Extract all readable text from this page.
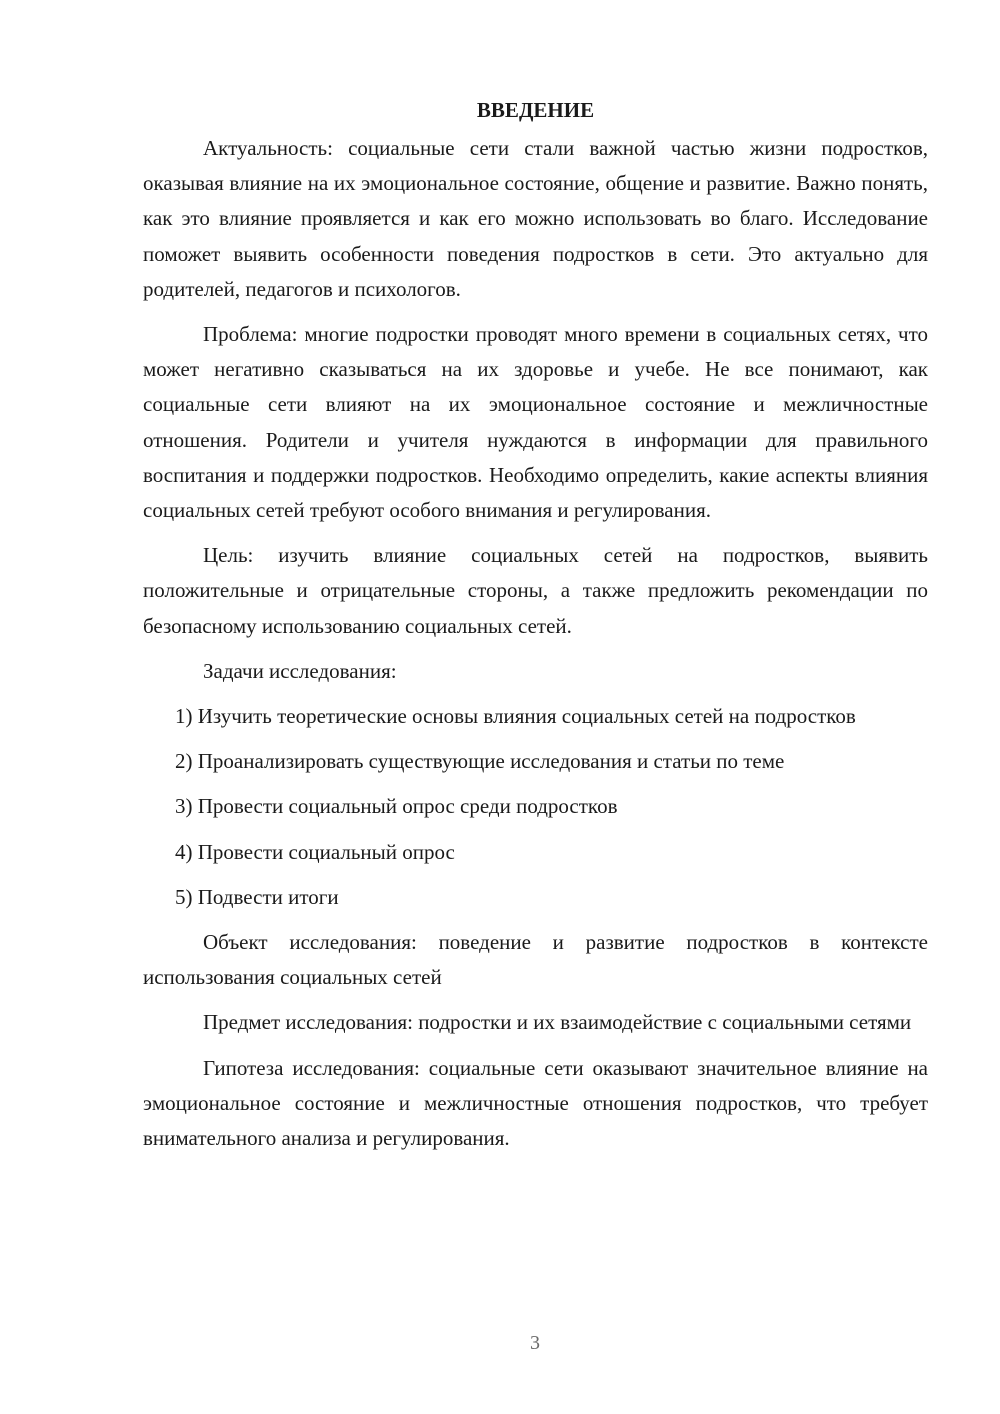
ВВЕДЕНИЕ

Актуальность: социальные сети стали важной частью жизни подростков, оказывая влияние на их эмоциональное состояние, общение и развитие. Важно понять, как это влияние проявляется и как его можно использовать во благо. Исследование поможет выявить особенности поведения подростков в сети. Это актуально для родителей, педагогов и психологов.

Проблема: многие подростки проводят много времени в социальных сетях, что может негативно сказываться на их здоровье и учебе. Не все понимают, как социальные сети влияют на их эмоциональное состояние и межличностные отношения. Родители и учителя нуждаются в информации для правильного воспитания и поддержки подростков. Необходимо определить, какие аспекты влияния социальных сетей требуют особого внимания и регулирования.

Цель: изучить влияние социальных сетей на подростков, выявить положительные и отрицательные стороны, а также предложить рекомендации по безопасному использованию социальных сетей.

Задачи исследования:

1) Изучить теоретические основы влияния социальных сетей на подростков

2) Проанализировать существующие исследования и статьи по теме

3) Провести социальный опрос среди подростков

4) Провести социальный опрос

5) Подвести итоги

Объект исследования: поведение и развитие подростков в контексте использования социальных сетей

Предмет исследования: подростки и их взаимодействие с социальными сетями

Гипотеза исследования: социальные сети оказывают значительное влияние на эмоциональное состояние и межличностные отношения подростков, что требует внимательного анализа и регулирования.

3
